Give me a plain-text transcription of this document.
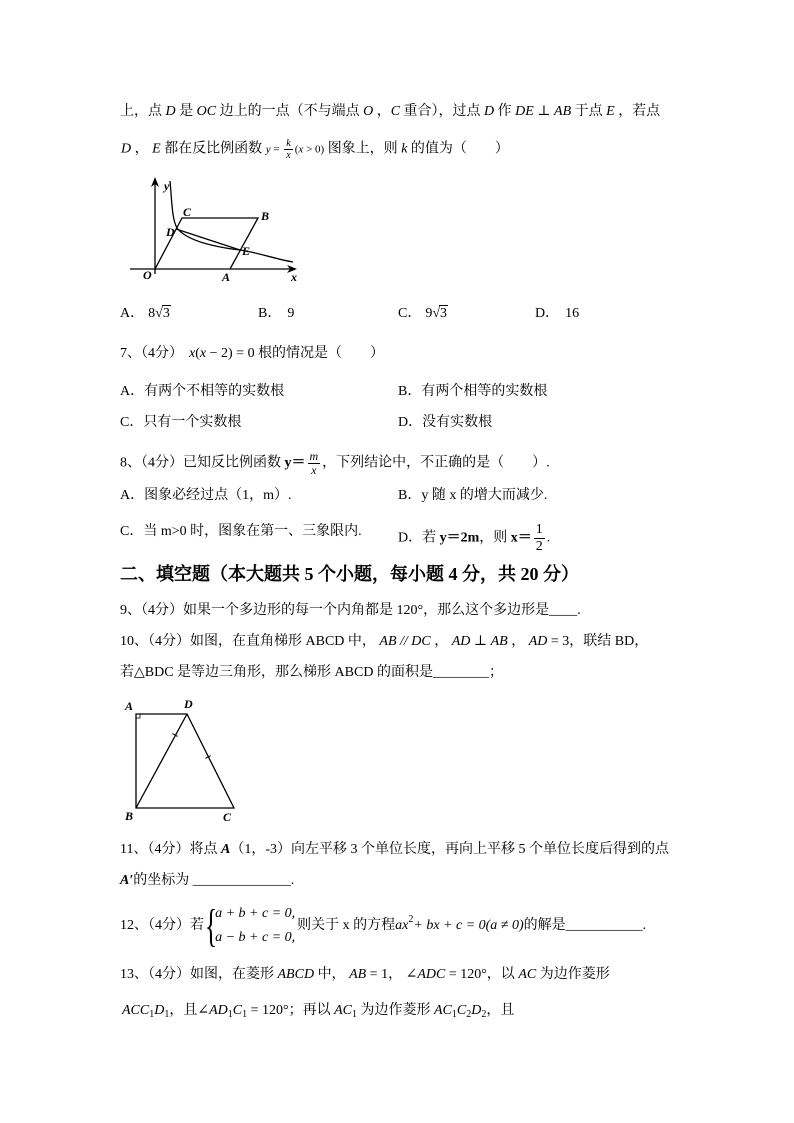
上，点 D 是 OC 边上的一点（不与端点 O ，C 重合），过点 D 作 DE ⊥ AB 于点 E ，若点
D ， E 都在反比例函数 $y = \frac{k}{x} (x > 0)$ 图象上，则 k 的值为（　　）
y
x
O	A
B
C
D
E
A． 8√3	B． 9	C． 9√3	D． 16
7、（4分） x(x − 2) = 0 根的情况是（　　）
A．有两个不相等的实数根	B．有两个相等的实数根
C．只有一个实数根	D．没有实数根
8、（4分）已知反比例函数 $y= \frac{m}{x}$ ，下列结论中，不正确的是（　　）.
A．图象必经过点（1，m）.	B．y 随 x 的增大而减少.
C．当 m>0 时，图象在第一、三象限内.	D．若 y＝2m，则 $x= \frac{1}{2}$ .
二、填空题（本大题共 5 个小题，每小题 4 分，共 20 分）
9、（4分）如果一个多边形的每一个内角都是 120°，那么这个多边形是____.
10、（4分）如图，在直角梯形 ABCD 中， AB // DC ， AD ⊥ AB ， AD = 3，联结 BD，
若△BDC 是等边三角形，那么梯形 ABCD 的面积是________；
A	D
B	C
11、（4分）将点 A（1，-3）向左平移 3 个单位长度，再向上平移 5 个单位长度后得到的点
A′的坐标为 ______________.
12、（4分）若 {
a + b + c = 0,
a − b + c = 0,
则关于 x 的方程 ax 2 + bx + c = 0(a ≠ 0) 的解是 ___________ .
13、（4分）如图，在菱形 ABCD 中， AB = 1， ∠ADC = 120°，以 AC 为边作菱形
$ACC_1D_1$，且$\angle AD_1C_1 = 120^\circ$；再以 $AC_1$ 为边作菱形 $AC_1C_2D_2$，且
